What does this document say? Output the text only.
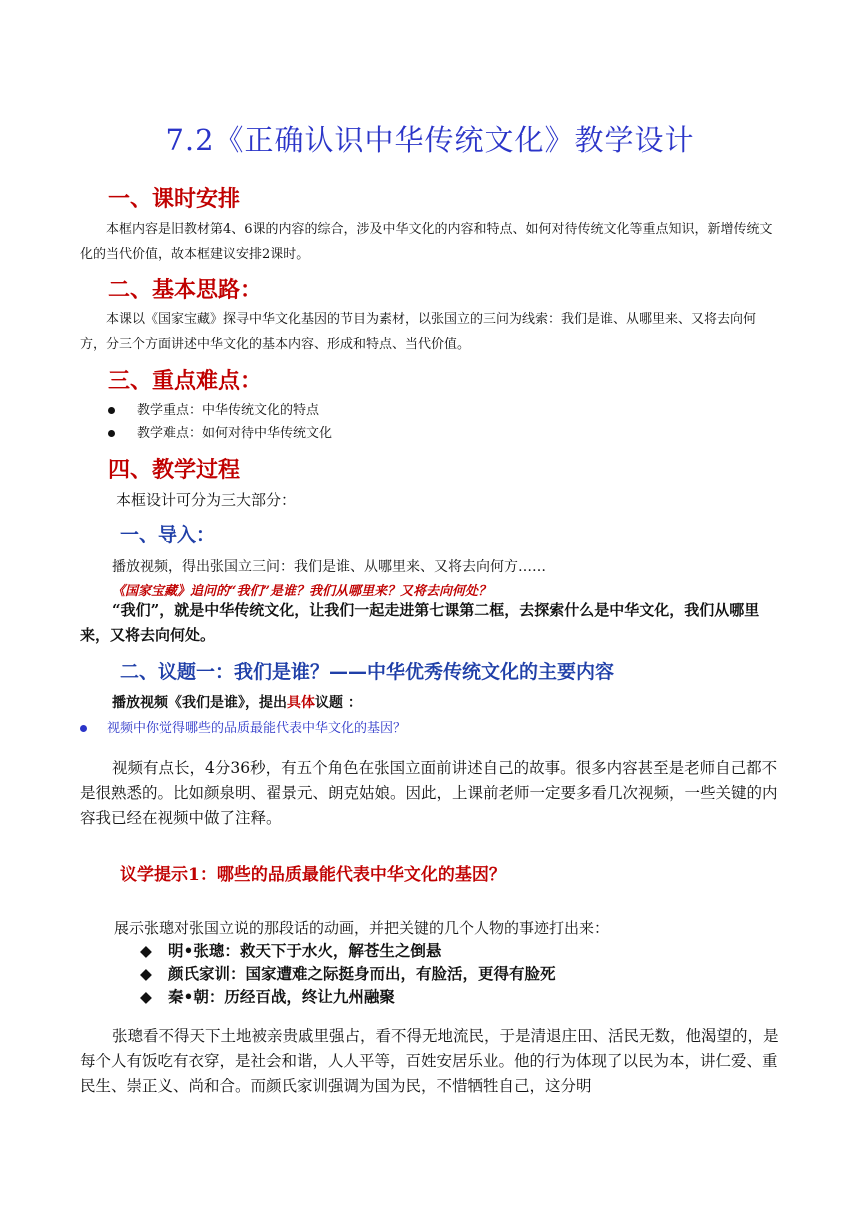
7.2《正确认识中华传统文化》教学设计
一、课时安排
本框内容是旧教材第4、6课的内容的综合，涉及中华文化的内容和特点、如何对待传统文化等重点知识，新增传统文化的当代价值，故本框建议安排2课时。
二、基本思路：
本课以《国家宝藏》探寻中华文化基因的节目为素材，以张国立的三问为线索：我们是谁、从哪里来、又将去向何方，分三个方面讲述中华文化的基本内容、形成和特点、当代价值。
三、重点难点：
教学重点：中华传统文化的特点
教学难点：如何对待中华传统文化
四、教学过程
本框设计可分为三大部分：
一、导入：
播放视频，得出张国立三问：我们是谁、从哪里来、又将去向何方……
《国家宝藏》追问的“我们”是谁？我们从哪里来？又将去向何处？
“我们”，就是中华传统文化，让我们一起走进第七课第二框，去探索什么是中华文化，我们从哪里来，又将去向何处。
二、议题一：我们是谁？——中华优秀传统文化的主要内容
播放视频《我们是谁》，提出具体议题 ：
视频中你觉得哪些的品质最能代表中华文化的基因？
视频有点长，4分36秒，有五个角色在张国立面前讲述自己的故事。很多内容甚至是老师自己都不是很熟悉的。比如颜泉明、翟景元、朗克姑娘。因此，上课前老师一定要多看几次视频，一些关键的内容我已经在视频中做了注释。
议学提示1：哪些的品质最能代表中华文化的基因？
展示张璁对张国立说的那段话的动画，并把关键的几个人物的事迹打出来：
◆ 明•张璁：救天下于水火，解苍生之倒悬
◆ 颜氏家训：国家遭难之际挺身而出，有脸活，更得有脸死
◆ 秦•朝：历经百战，终让九州融聚
张璁看不得天下土地被亲贵戚里强占，看不得无地流民，于是清退庄田、活民无数，他渴望的，是每个人有饭吃有衣穿，是社会和谐，人人平等，百姓安居乐业。他的行为体现了以民为本，讲仁爱、重民生、崇正义、尚和合。而颜氏家训强调为国为民，不惜牺牲自己，这分明
